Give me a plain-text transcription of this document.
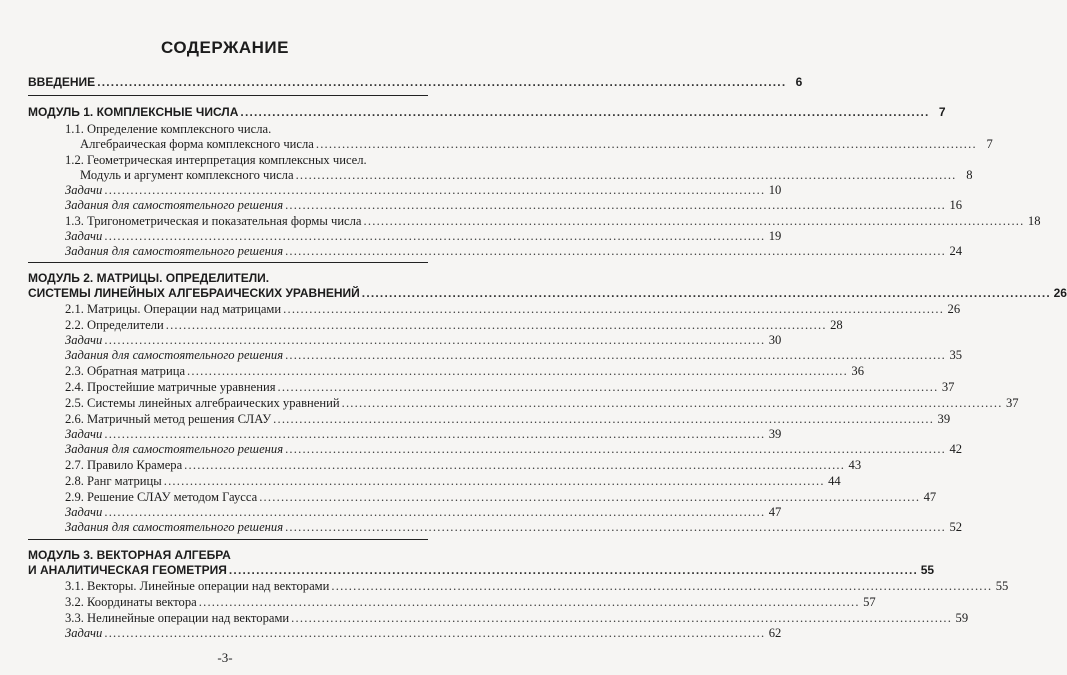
СОДЕРЖАНИЕ
ВВЕДЕНИЕ ........................................................................................................................................................ 6
МОДУЛЬ 1. КОМПЛЕКСНЫЕ ЧИСЛА ........................................................................................................................................................ 7
1.1. Определение комплексного числа.
Алгебраическая форма комплексного числа ........................................................................................................................................................ 7
1.2. Геометрическая интерпретация комплексных чисел.
Модуль и аргумент комплексного числа ........................................................................................................................................................ 8
Задачи ........................................................................................................................................................ 10
Задания для самостоятельного решения ........................................................................................................................................................ 16
1.3. Тригонометрическая и показательная формы числа ........................................................................................................................................................ 18
Задачи ........................................................................................................................................................ 19
Задания для самостоятельного решения ........................................................................................................................................................ 24
МОДУЛЬ 2. МАТРИЦЫ. ОПРЕДЕЛИТЕЛИ.
СИСТЕМЫ ЛИНЕЙНЫХ АЛГЕБРАИЧЕСКИХ УРАВНЕНИЙ ........................................................................................................................................................ 26
2.1. Матрицы. Операции над матрицами ........................................................................................................................................................ 26
2.2. Определители ........................................................................................................................................................ 28
Задачи ........................................................................................................................................................ 30
Задания для самостоятельного решения ........................................................................................................................................................ 35
2.3. Обратная матрица ........................................................................................................................................................ 36
2.4. Простейшие матричные уравнения ........................................................................................................................................................ 37
2.5. Системы линейных алгебраических уравнений ........................................................................................................................................................ 37
2.6. Матричный метод решения СЛАУ ........................................................................................................................................................ 39
Задачи ........................................................................................................................................................ 39
Задания для самостоятельного решения ........................................................................................................................................................ 42
2.7. Правило Крамера ........................................................................................................................................................ 43
2.8. Ранг матрицы ........................................................................................................................................................ 44
2.9. Решение СЛАУ методом Гаусса ........................................................................................................................................................ 47
Задачи ........................................................................................................................................................ 47
Задания для самостоятельного решения ........................................................................................................................................................ 52
МОДУЛЬ 3. ВЕКТОРНАЯ АЛГЕБРА
И АНАЛИТИЧЕСКАЯ ГЕОМЕТРИЯ ........................................................................................................................................................ 55
3.1. Векторы. Линейные операции над векторами ........................................................................................................................................................ 55
3.2. Координаты вектора ........................................................................................................................................................ 57
3.3. Нелинейные операции над векторами ........................................................................................................................................................ 59
Задачи ........................................................................................................................................................ 62
-3-
